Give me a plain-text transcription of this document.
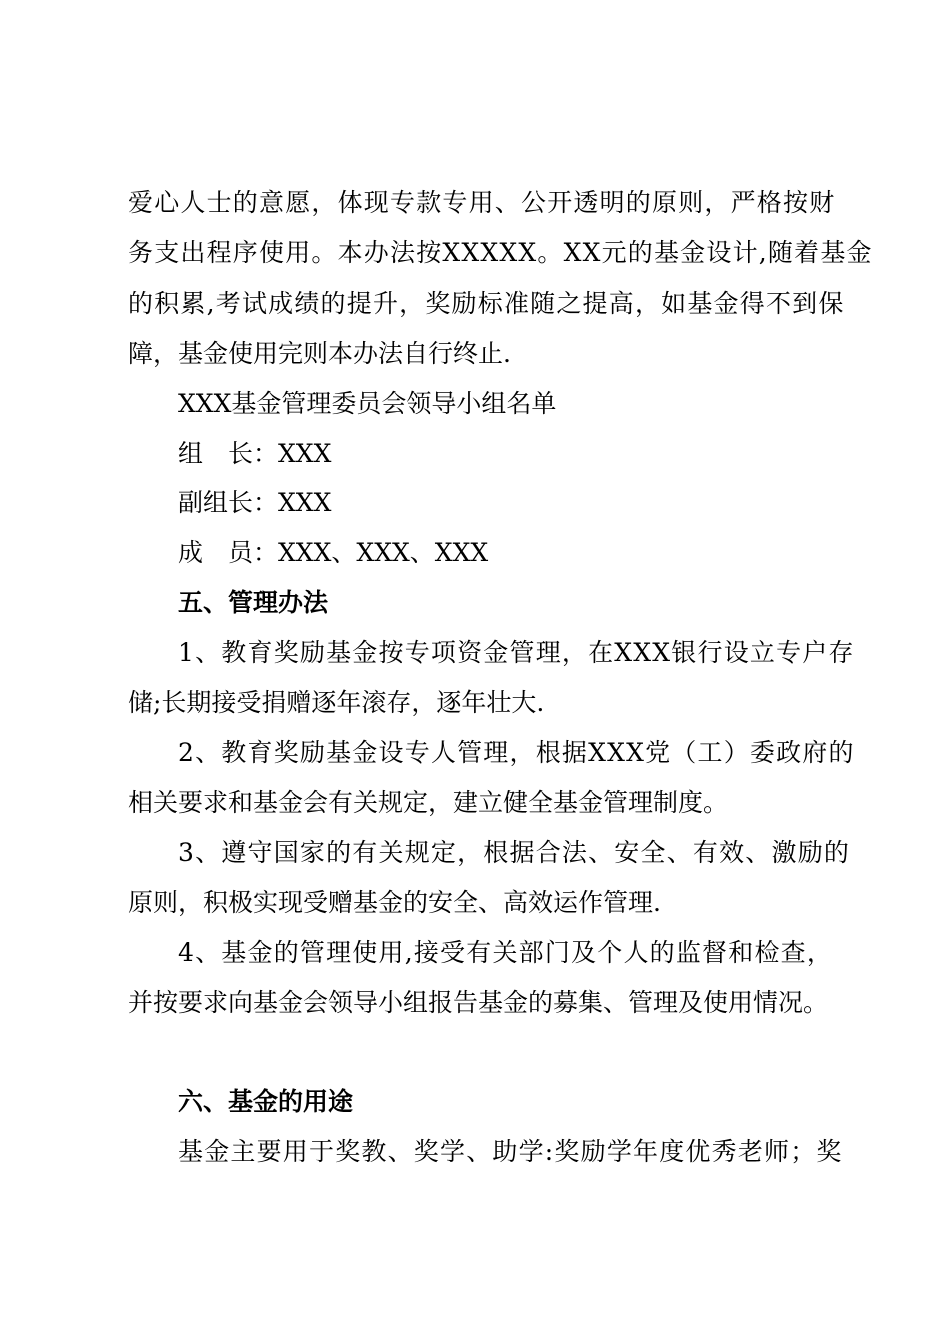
爱心人士的意愿，体现专款专用、公开透明的原则，严格按财
务支出程序使用。本办法按XXXXX。XX元的基金设计,随着基金
的积累,考试成绩的提升，奖励标准随之提高，如基金得不到保
障，基金使用完则本办法自行终止.
XXX基金管理委员会领导小组名单
组　长：XXX
副组长：XXX
成　员：XXX、XXX、XXX
五、管理办法
1、教育奖励基金按专项资金管理，在XXX银行设立专户存
储;长期接受捐赠逐年滚存，逐年壮大.
2、教育奖励基金设专人管理，根据XXX党（工）委政府的
相关要求和基金会有关规定，建立健全基金管理制度。
3、遵守国家的有关规定，根据合法、安全、有效、激励的
原则，积极实现受赠基金的安全、高效运作管理.
4、基金的管理使用,接受有关部门及个人的监督和检查，
并按要求向基金会领导小组报告基金的募集、管理及使用情况。
六、基金的用途
基金主要用于奖教、奖学、助学:奖励学年度优秀老师；奖
